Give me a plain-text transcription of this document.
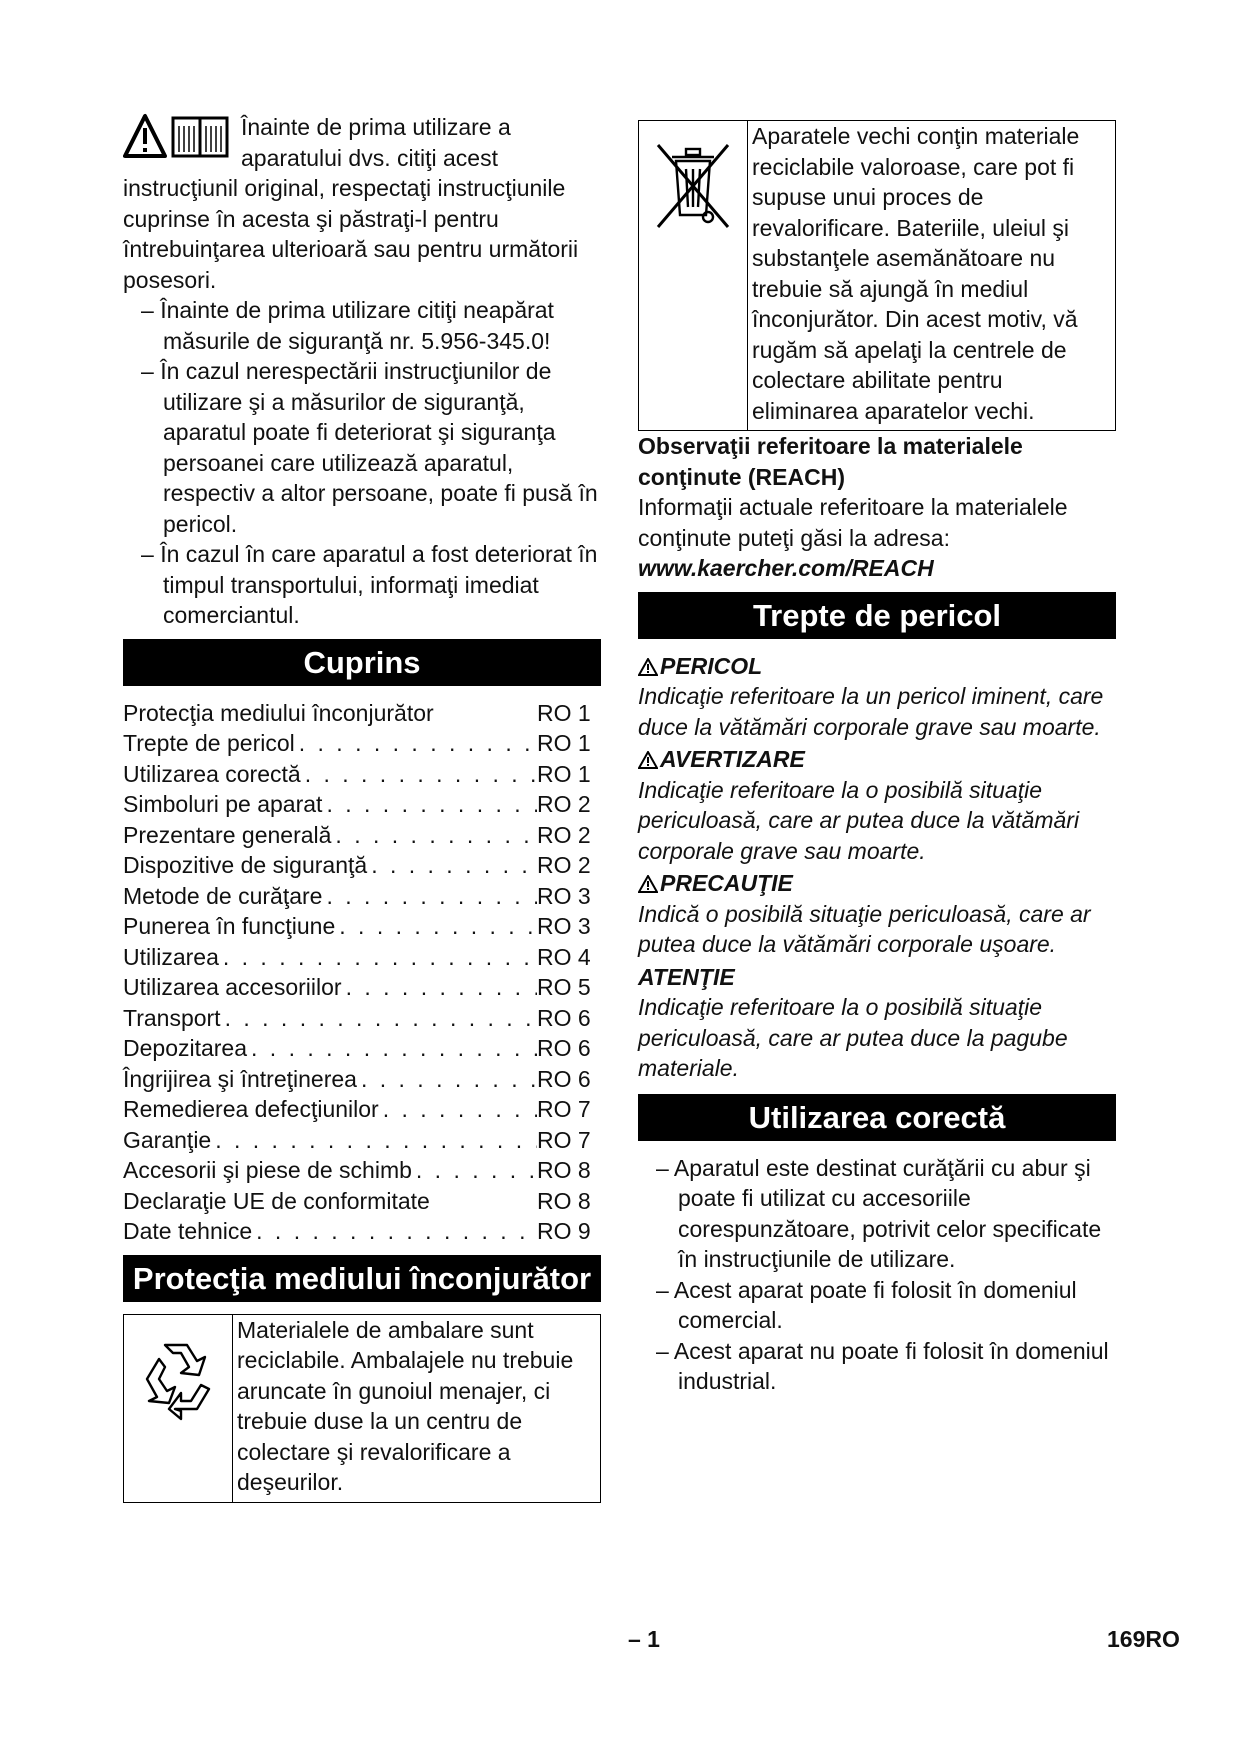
Înainte de prima utilizare a aparatului dvs. citiţi acest instrucţiunil original, respectaţi instrucţiunile cuprinse în acesta şi păstraţi-l pentru întrebuinţarea ulterioară sau pentru următorii posesori.

– Înainte de prima utilizare citiţi neapărat măsurile de siguranţă nr. 5.956-345.0!

– În cazul nerespectării instrucţiunilor de utilizare şi a măsurilor de siguranţă, aparatul poate fi deteriorat şi siguranţa persoanei care utilizează aparatul, respectiv a altor persoane, poate fi pusă în pericol.

– În cazul în care aparatul a fost deteriorat în timpul transportului, informaţi imediat comerciantul.

Cuprins
Protecţia mediului înconjurător	RO 1
Trepte de pericol . . .	RO 1
Utilizarea corectă . . .	RO 1
Simboluri pe aparat . . .	RO 2
Prezentare generală . . .	RO 2
Dispozitive de siguranţă . . .	RO 2
Metode de curăţare . . .	RO 3
Punerea în funcţiune . . .	RO 3
Utilizarea . . .	RO 4
Utilizarea accesoriilor . . .	RO 5
Transport . . .	RO 6
Depozitarea . . .	RO 6
Îngrijirea şi întreţinerea . . .	RO 6
Remedierea defecţiunilor . . .	RO 7
Garanţie . . .	RO 7
Accesorii şi piese de schimb . . .	RO 8
Declaraţie UE de conformitate	RO 8
Date tehnice . . .	RO 9
Protecţia mediului înconjurător
Materialele de ambalare sunt reciclabile. Ambalajele nu trebuie aruncate în gunoiul menajer, ci trebuie duse la un centru de colectare şi revalorificare a deşeurilor.
Aparatele vechi conţin materiale reciclabile valoroase, care pot fi supuse unui proces de revalorificare. Bateriile, uleiul şi substanţele asemănătoare nu trebuie să ajungă în mediul înconjurător. Din acest motiv, vă rugăm să apelaţi la centrele de colectare abilitate pentru eliminarea aparatelor vechi.
Observaţii referitoare la materialele conţinute (REACH)
Informaţii actuale referitoare la materialele conţinute puteţi găsi la adresa:
www.kaercher.com/REACH
Trepte de pericol
PERICOL
Indicaţie referitoare la un pericol iminent, care duce la vătămări corporale grave sau moarte.
AVERTIZARE
Indicaţie referitoare la o posibilă situaţie periculoasă, care ar putea duce la vătămări corporale grave sau moarte.
PRECAUŢIE
Indică o posibilă situaţie periculoasă, care ar putea duce la vătămări corporale uşoare.
ATENŢIE
Indicaţie referitoare la o posibilă situaţie periculoasă, care ar putea duce la pagube materiale.
Utilizarea corectă

– Aparatul este destinat curăţării cu abur şi poate fi utilizat cu accesoriile corespunzătoare, potrivit celor specificate în instrucţiunile de utilizare.

– Acest aparat poate fi folosit în domeniul comercial.

– Acest aparat nu poate fi folosit în domeniul industrial.

– 1	169RO
